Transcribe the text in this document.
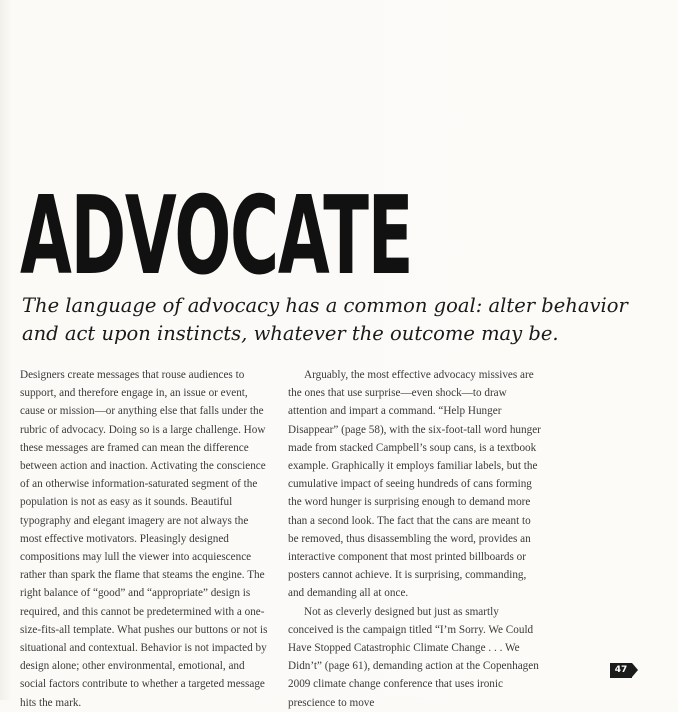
ADVOCATE
The language of advocacy has a common goal: alter behavior and act upon instincts, whatever the outcome may be.

Designers create messages that rouse audiences to support, and therefore engage in, an issue or event, cause or mission—or anything else that falls under the rubric of advocacy. Doing so is a large challenge. How these messages are framed can mean the difference between action and inaction. Activating the conscience of an otherwise information-saturated segment of the population is not as easy as it sounds. Beautiful typography and elegant imagery are not always the most effective motivators. Pleasingly designed compositions may lull the viewer into acquiescence rather than spark the flame that steams the engine. The right balance of “good” and “appropriate” design is required, and this cannot be predetermined with a one-size-fits-all template. What pushes our buttons or not is situational and contextual. Behavior is not impacted by design alone; other environmental, emotional, and social factors contribute to whether a targeted message hits the mark.

Arguably, the most effective advocacy missives are the ones that use surprise—even shock—to draw attention and impart a command. “Help Hunger Disappear” (page 58), with the six-foot-tall word hunger made from stacked Campbell’s soup cans, is a textbook example. Graphically it employs familiar labels, but the cumulative impact of seeing hundreds of cans forming the word hunger is surprising enough to demand more than a second look. The fact that the cans are meant to be removed, thus disassembling the word, provides an interactive component that most printed billboards or posters cannot achieve. It is surprising, commanding, and demanding all at once.

Not as cleverly designed but just as smartly conceived is the campaign titled “I’m Sorry. We Could Have Stopped Catastrophic Climate Change . . . We Didn’t” (page 61), demanding action at the Copenhagen 2009 climate change conference that uses ironic prescience to move

47
